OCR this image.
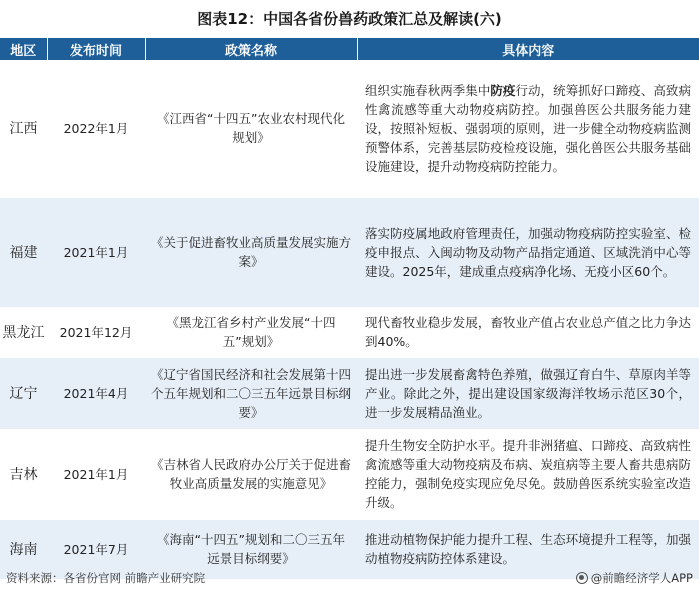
图表12：中国各省份兽药政策汇总及解读(六)
地区	发布时间	政策名称	具体内容
江西	2022年1月	《江西省“十四五”农业农村现代化规划》	组织实施春秋两季集中防疫行动，统筹抓好口蹄疫、高致病性禽流感等重大动物疫病防控。加强兽医公共服务能力建设，按照补短板、强弱项的原则，进一步健全动物疫病监测预警体系，完善基层防疫检疫设施，强化兽医公共服务基础设施建设，提升动物疫病防控能力。
福建	2021年1月	《关于促进畜牧业高质量发展实施方案》	落实防疫属地政府管理责任，加强动物疫病防控实验室、检疫申报点、入闽动物及动物产品指定通道、区域洗消中心等建设。2025年，建成重点疫病净化场、无疫小区60个。
黑龙江	2021年12月	《黑龙江省乡村产业发展“十四五”规划》	现代畜牧业稳步发展，畜牧业产值占农业总产值之比力争达到40%。
辽宁	2021年4月	《辽宁省国民经济和社会发展第十四个五年规划和二〇三五年远景目标纲要》	提出进一步发展畜禽特色养殖，做强辽育白牛、草原肉羊等产业。除此之外，提出建设国家级海洋牧场示范区30个，进一步发展精品渔业。
吉林	2021年1月	《吉林省人民政府办公厅关于促进畜牧业高质量发展的实施意见》	提升生物安全防护水平。提升非洲猪瘟、口蹄疫、高致病性禽流感等重大动物疫病及布病、炭疽病等主要人畜共患病防控能力，强制免疫实现应免尽免。鼓励兽医系统实验室改造升级。
海南	2021年7月	《海南“十四五”规划和二〇三五年远景目标纲要》	推进动植物保护能力提升工程、生态环境提升工程等，加强动植物疫病防控体系建设。
资料来源：各省份官网 前瞻产业研究院	@前瞻经济学人APP
